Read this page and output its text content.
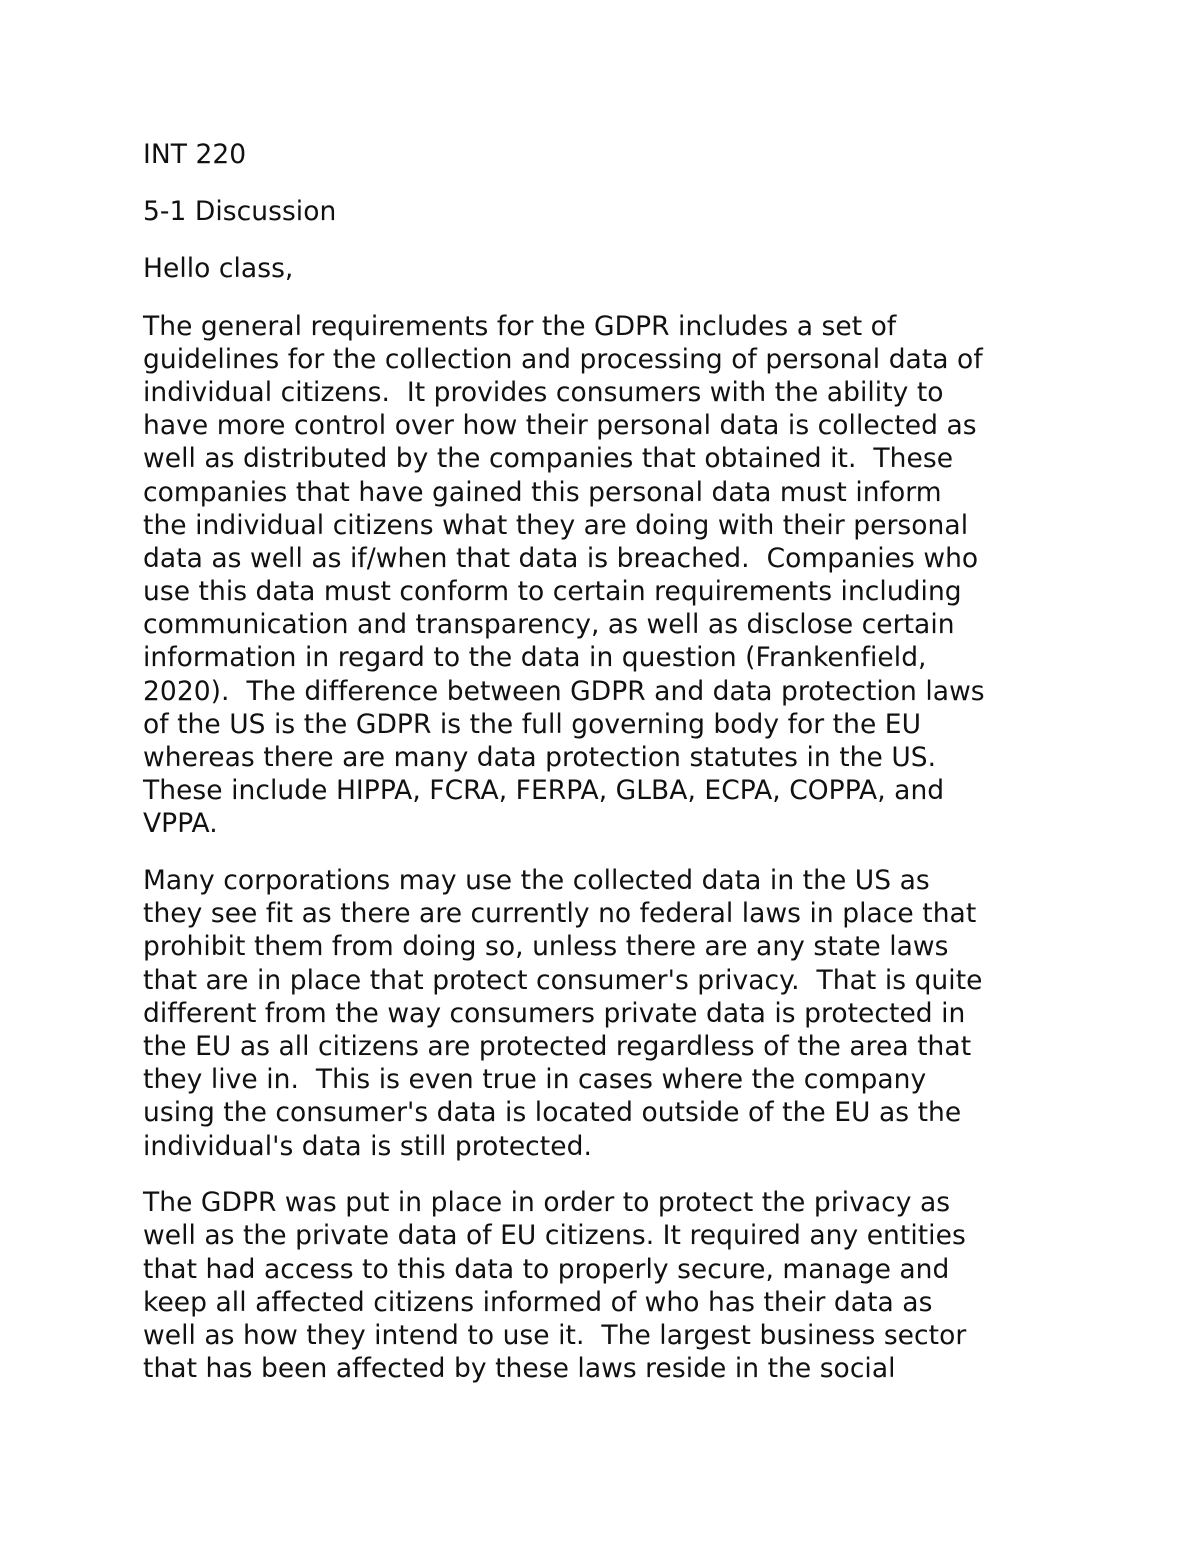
INT 220
5-1 Discussion
Hello class,
The general requirements for the GDPR includes a set of
guidelines for the collection and processing of personal data of
individual citizens.  It provides consumers with the ability to
have more control over how their personal data is collected as
well as distributed by the companies that obtained it.  These
companies that have gained this personal data must inform
the individual citizens what they are doing with their personal
data as well as if/when that data is breached.  Companies who
use this data must conform to certain requirements including
communication and transparency, as well as disclose certain
information in regard to the data in question (Frankenfield,
2020).  The difference between GDPR and data protection laws
of the US is the GDPR is the full governing body for the EU
whereas there are many data protection statutes in the US.
These include HIPPA, FCRA, FERPA, GLBA, ECPA, COPPA, and
VPPA.
Many corporations may use the collected data in the US as
they see fit as there are currently no federal laws in place that
prohibit them from doing so, unless there are any state laws
that are in place that protect consumer's privacy.  That is quite
different from the way consumers private data is protected in
the EU as all citizens are protected regardless of the area that
they live in.  This is even true in cases where the company
using the consumer's data is located outside of the EU as the
individual's data is still protected.
The GDPR was put in place in order to protect the privacy as
well as the private data of EU citizens. It required any entities
that had access to this data to properly secure, manage and
keep all affected citizens informed of who has their data as
well as how they intend to use it.  The largest business sector
that has been affected by these laws reside in the social
